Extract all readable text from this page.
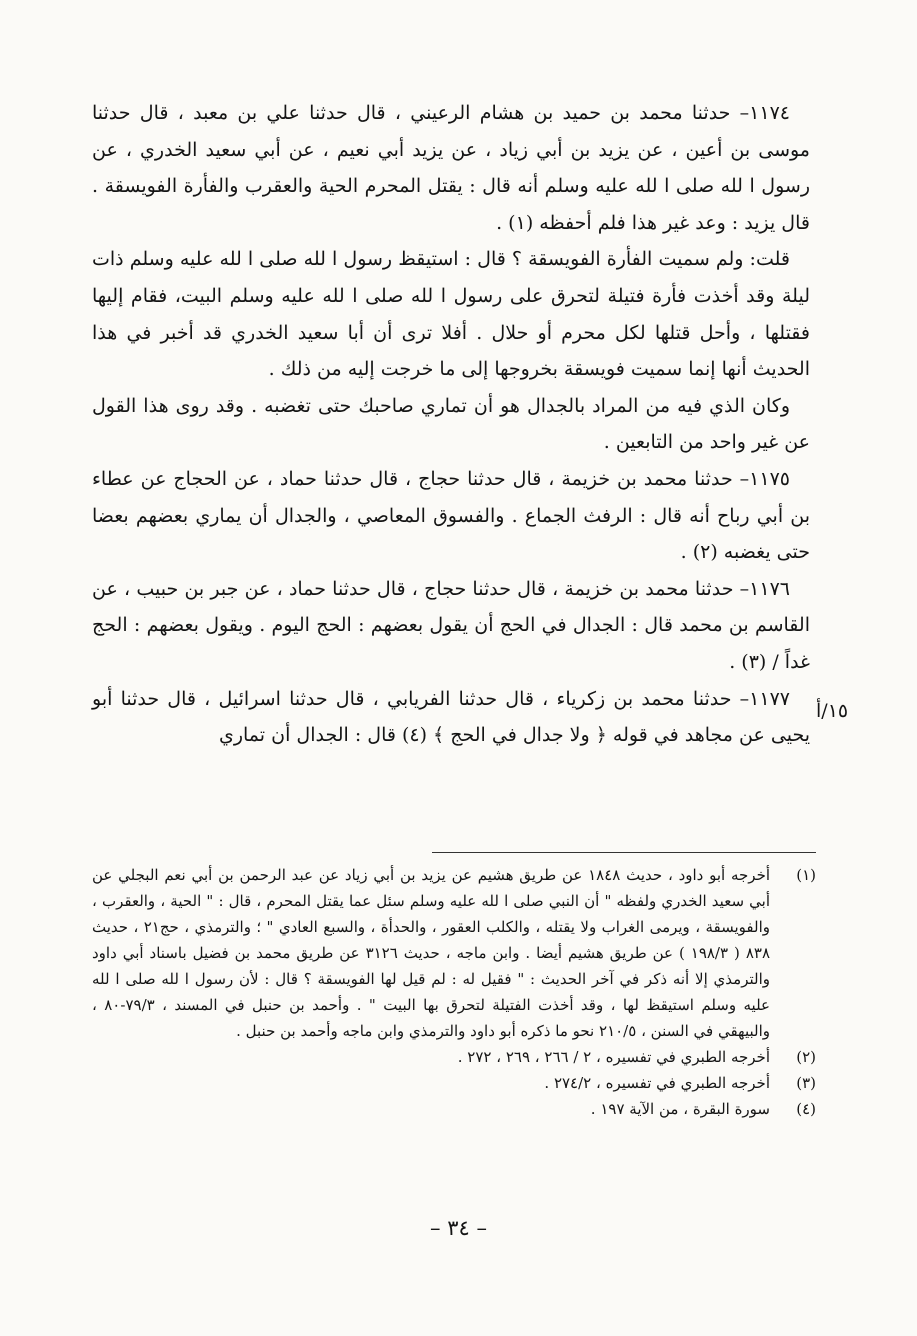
١١٧٤– حدثنا محمد بن حميد بن هشام الرعيني ، قال حدثنا علي بن معبد ، قال حدثنا موسى بن أعين ، عن يزيد بن أبي زياد ، عن يزيد أبي نعيم ، عن أبي سعيد الخدري ، عن رسول ا لله صلى ا لله عليه وسلم أنه قال : يقتل المحرم الحية والعقرب والفأرة الفويسقة . قال يزيد : وعد غير هذا فلم أحفظه (١) .

قلت: ولم سميت الفأرة الفويسقة ؟ قال : استيقظ رسول ا لله صلى ا لله عليه وسلم ذات ليلة وقد أخذت فأرة فتيلة لتحرق على رسول ا لله صلى ا لله عليه وسلم البيت، فقام إليها فقتلها ، وأحل قتلها لكل محرم أو حلال . أفلا ترى أن أبا سعيد الخدري قد أخبر في هذا الحديث أنها إنما سميت فويسقة بخروجها إلى ما خرجت إليه من ذلك .

وكان الذي فيه من المراد بالجدال هو أن تماري صاحبك حتى تغضبه . وقد روى هذا القول عن غير واحد من التابعين .

١١٧٥– حدثنا محمد بن خزيمة ، قال حدثنا حجاج ، قال حدثنا حماد ، عن الحجاج عن عطاء بن أبي رباح أنه قال : الرفث الجماع . والفسوق المعاصي ، والجدال أن يماري بعضهم بعضا حتى يغضبه (٢) .

١١٧٦– حدثنا محمد بن خزيمة ، قال حدثنا حجاج ، قال حدثنا حماد ، عن جبر بن حبيب ، عن القاسم بن محمد قال : الجدال في الحج أن يقول بعضهم : الحج اليوم . ويقول بعضهم : الحج غداً / (٣) .

١١٧٧– حدثنا محمد بن زكرياء ، قال حدثنا الفريابي ، قال حدثنا اسرائيل ، قال حدثنا أبو يحيى عن مجاهد في قوله ﴿ ولا جدال في الحج ﴾ (٤) قال : الجدال أن تماري

١٥/أ
(١)
أخرجه أبو داود ، حديث ١٨٤٨ عن طريق هشيم عن يزيد بن أبي زياد عن عبد الرحمن بن أبي نعم البجلي عن أبي سعيد الخدري ولفظه " أن النبي صلى ا لله عليه وسلم سئل عما يقتل المحرم ، قال : " الحية ، والعقرب ، والفويسقة ، ويرمى الغراب ولا يقتله ، والكلب العقور ، والحدأة ، والسبع العادي " ؛ والترمذي ، حج٢١ ، حديث ٨٣٨ ( ١٩٨/٣ ) عن طريق هشيم أيضا . وابن ماجه ، حديث ٣١٢٦ عن طريق محمد بن فضيل باسناد أبي داود والترمذي إلا أنه ذكر في آخر الحديث : " فقيل له : لم قيل لها الفويسقة ؟ قال : لأن رسول ا لله صلى ا لله عليه وسلم استيقظ لها ، وقد أخذت الفتيلة لتحرق بها البيت " . وأحمد بن حنبل في المسند ، ٧٩/٣-٨٠ ، والبيهقي في السنن ، ٢١٠/٥ نحو ما ذكره أبو داود والترمذي وابن ماجه وأحمد بن حنبل .
(٢)
أخرجه الطبري في تفسيره ، ٢ / ٢٦٦ ، ٢٦٩ ، ٢٧٢ .
(٣)
أخرجه الطبري في تفسيره ، ٢٧٤/٢ .
(٤)
سورة البقرة ، من الآية ١٩٧ .
– ٣٤ –
